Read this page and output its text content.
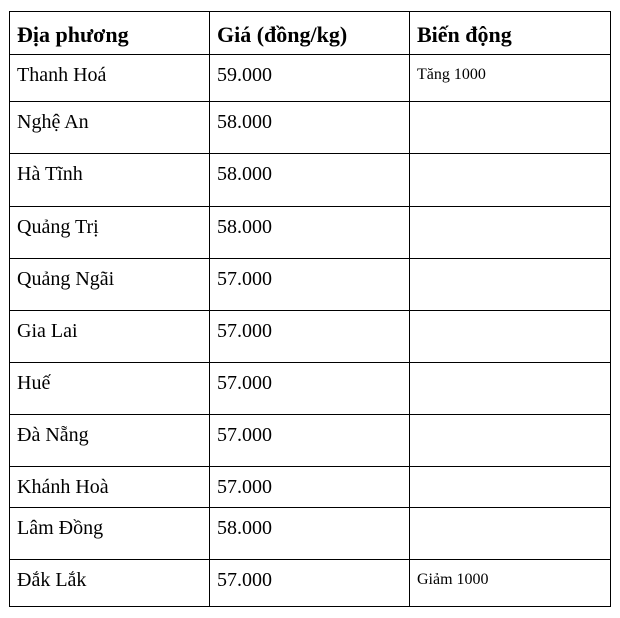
Địa phương	Giá (đồng/kg)	Biến động
Thanh Hoá	59.000	Tăng 1000
Nghệ An	58.000	
Hà Tĩnh	58.000	
Quảng Trị	58.000	
Quảng Ngãi	57.000	
Gia Lai	57.000	
Huế	57.000	
Đà Nẵng	57.000	
Khánh Hoà	57.000	
Lâm Đồng	58.000	
Đắk Lắk	57.000	Giảm 1000
